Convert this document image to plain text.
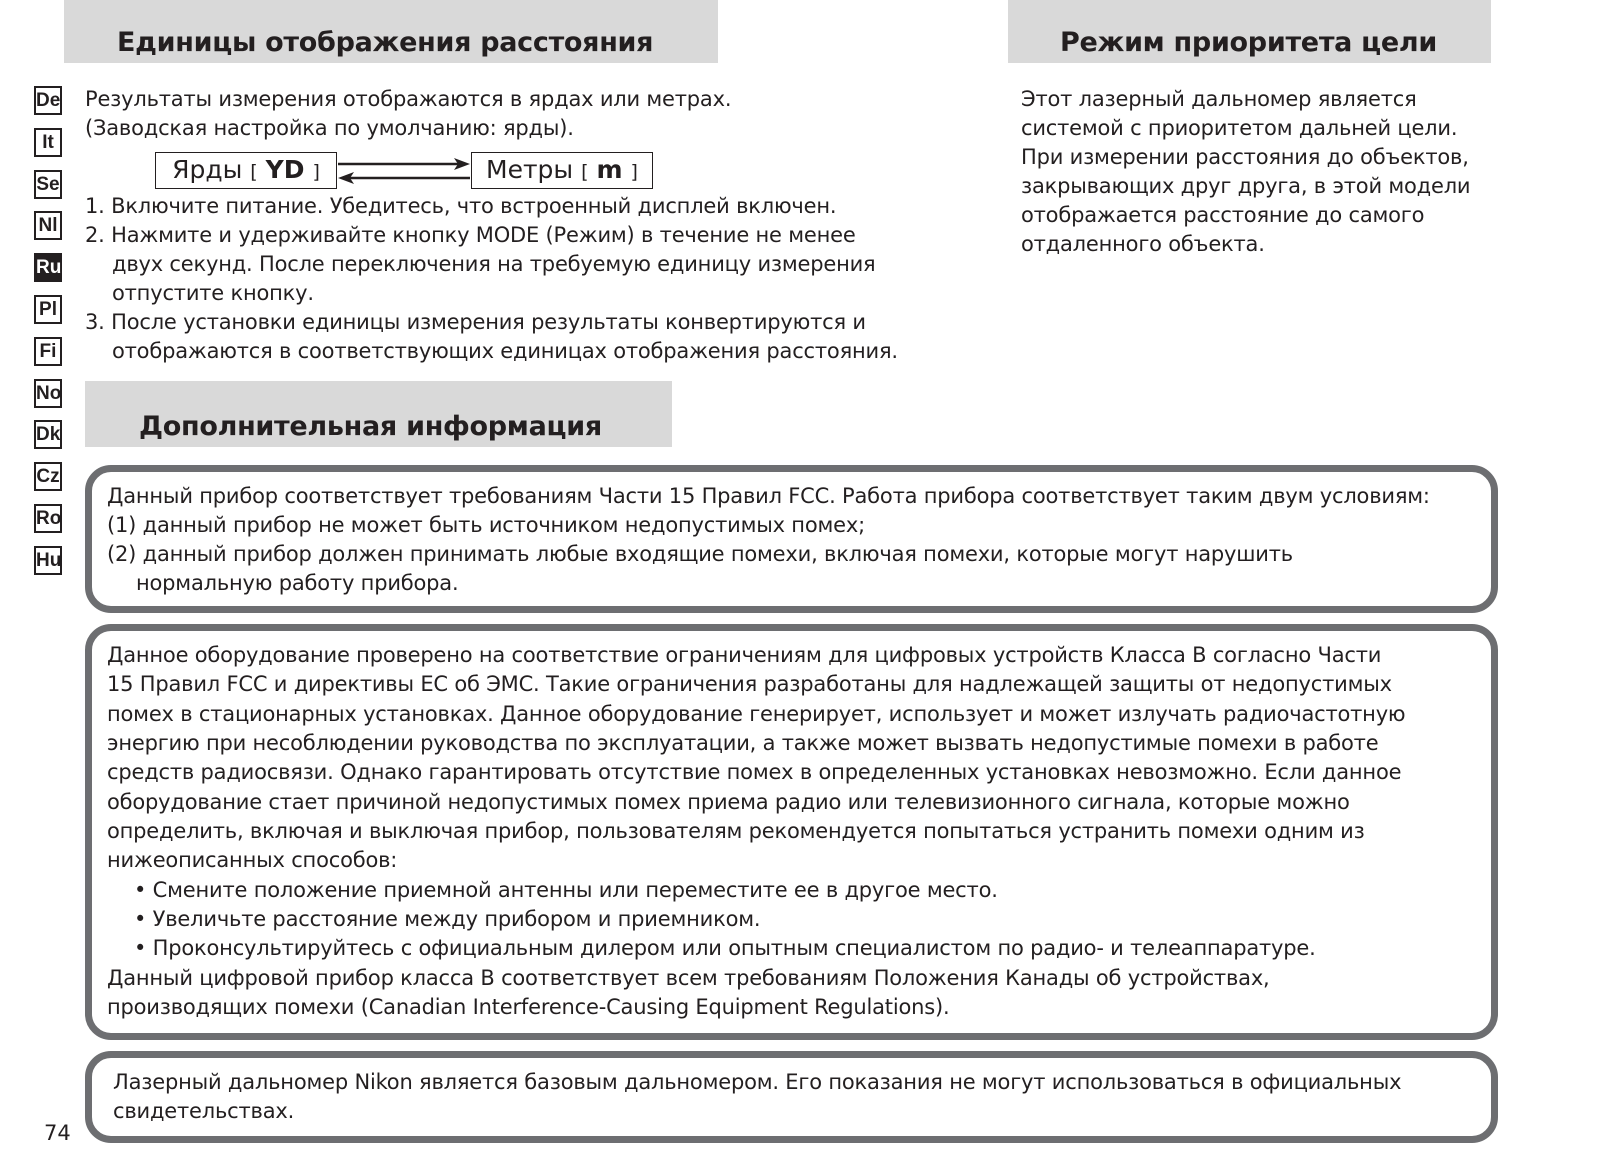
De
It
Se
Nl
Ru
Pl
Fi
No
Dk
Cz
Ro
Hu
Единицы отображения расстояния
Результаты измерения отображаются в ярдах или метрах.
(Заводская настройка по умолчанию: ярды).
Ярды [ YD ]	Метры [ m ]
1. Включите питание. Убедитесь, что встроенный дисплей включен.
2. Нажмите и удерживайте кнопку MODE (Режим) в течение не менее
двух секунд. После переключения на требуемую единицу измерения
отпустите кнопку.
3. После установки единицы измерения результаты конвертируются и
отображаются в соответствующих единицах отображения расстояния.
Режим приоритета цели
Этот лазерный дальномер является
системой с приоритетом дальней цели.
При измерении расстояния до объектов,
закрывающих друг друга, в этой модели
отображается расстояние до самого
отдаленного объекта.
Дополнительная информация
Данный прибор соответствует требованиям Части 15 Правил FCC. Работа прибора соответствует таким двум условиям:
(1) данный прибор не может быть источником недопустимых помех;
(2) данный прибор должен принимать любые входящие помехи, включая помехи, которые могут нарушить
нормальную работу прибора.
Данное оборудование проверено на соответствие ограничениям для цифровых устройств Класса B согласно Части
15 Правил FCC и директивы ЕС об ЭМС. Такие ограничения разработаны для надлежащей защиты от недопустимых
помех в стационарных установках. Данное оборудование генерирует, использует и может излучать радиочастотную
энергию при несоблюдении руководства по эксплуатации, а также может вызвать недопустимые помехи в работе
средств радиосвязи. Однако гарантировать отсутствие помех в определенных установках невозможно. Если данное
оборудование стает причиной недопустимых помех приема радио или телевизионного сигнала, которые можно
определить, включая и выключая прибор, пользователям рекомендуется попытаться устранить помехи одним из
нижеописанных способов:
• Смените положение приемной антенны или переместите ее в другое место.
• Увеличьте расстояние между прибором и приемником.
• Проконсультируйтесь с официальным дилером или опытным специалистом по радио- и телеаппаратуре.
Данный цифровой прибор класса B соответствует всем требованиям Положения Канады об устройствах,
производящих помехи (Canadian Interference-Causing Equipment Regulations).
Лазерный дальномер Nikon является базовым дальномером. Его показания не могут использоваться в официальных
свидетельствах.
74
